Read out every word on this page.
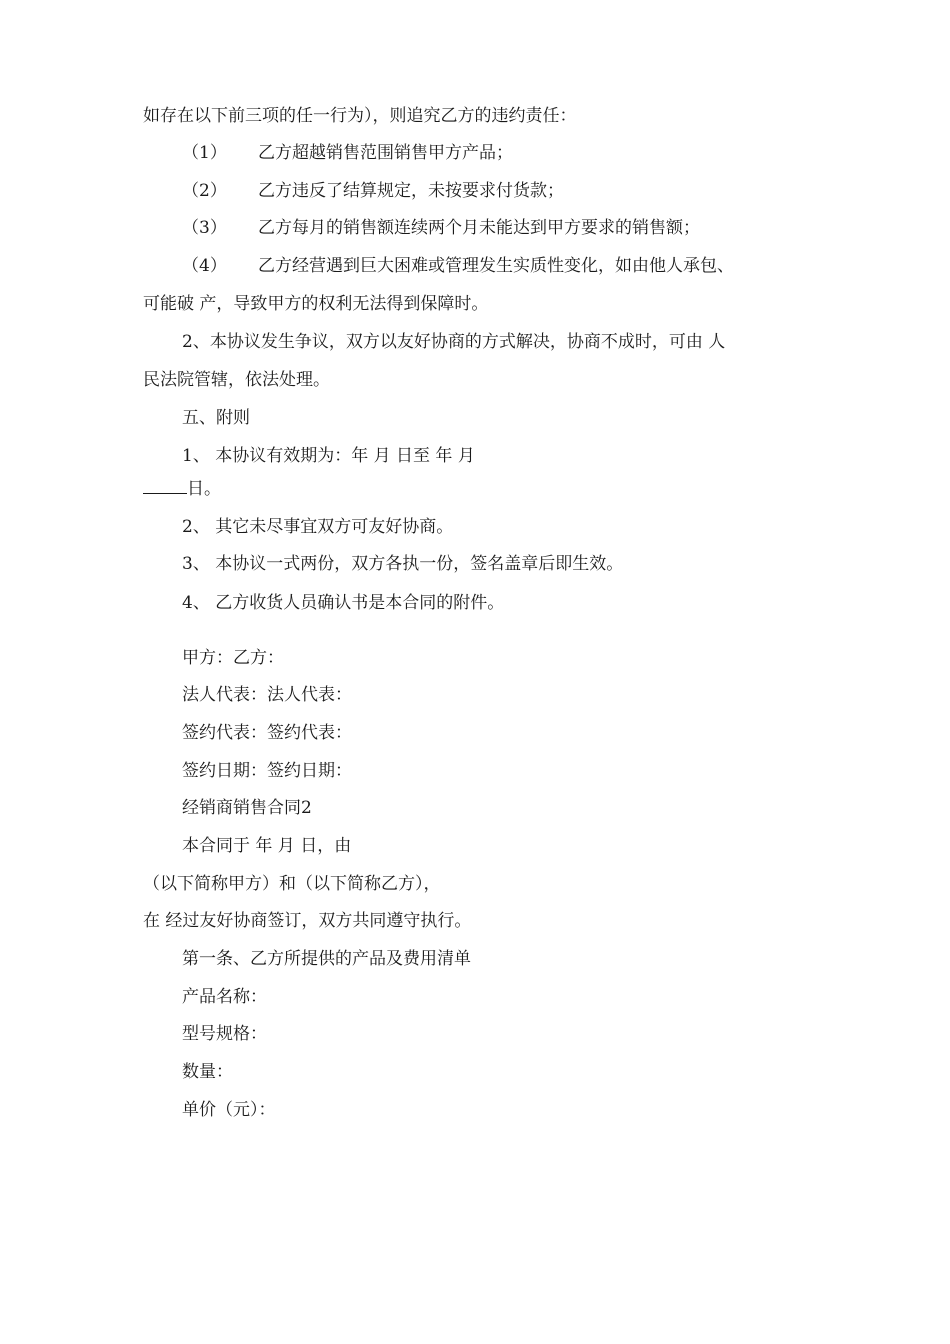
如存在以下前三项的任一行为），则追究乙方的违约责任：
（1） 乙方超越销售范围销售甲方产品；
（2） 乙方违反了结算规定，未按要求付货款；
（3） 乙方每月的销售额连续两个月未能达到甲方要求的销售额；
（4） 乙方经营遇到巨大困难或管理发生实质性变化，如由他人承包、
可能破 产，导致甲方的权利无法得到保障时。
2、本协议发生争议，双方以友好协商的方式解决，协商不成时，可由 人
民法院管辖，依法处理。
五、附则
1、 本协议有效期为：年 月 日至 年 月
日。
2、 其它未尽事宜双方可友好协商。
3、 本协议一式两份，双方各执一份，签名盖章后即生效。
4、 乙方收货人员确认书是本合同的附件。
甲方：乙方：
法人代表：法人代表：
签约代表：签约代表：
签约日期：签约日期：
经销商销售合同2
本合同于 年 月 日，由
（以下简称甲方）和（以下简称乙方），
在 经过友好协商签订，双方共同遵守执行。
第一条、乙方所提供的产品及费用清单
产品名称：
型号规格：
数量：
单价（元）：
